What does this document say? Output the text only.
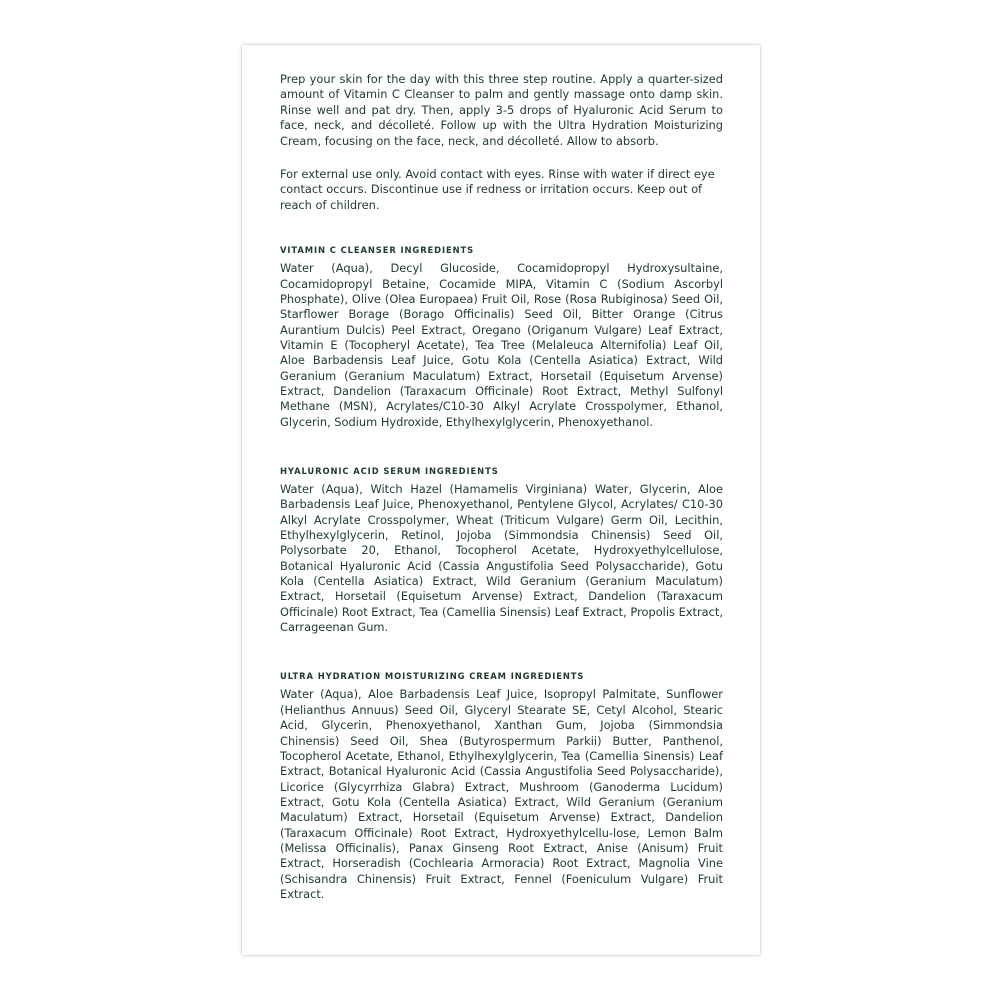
Prep your skin for the day with this three step routine. Apply a quarter-sized amount of Vitamin C Cleanser to palm and gently massage onto damp skin. Rinse well and pat dry. Then, apply 3-5 drops of Hyaluronic Acid Serum to face, neck, and décolleté. Follow up with the Ultra Hydration Moisturizing Cream, focusing on the face, neck, and décolleté. Allow to absorb.

For external use only. Avoid contact with eyes. Rinse with water if direct eye contact occurs. Discontinue use if redness or irritation occurs. Keep out of reach of children.

VITAMIN C CLEANSER INGREDIENTS

Water (Aqua), Decyl Glucoside, Cocamidopropyl Hydroxysultaine, Cocamidopropyl Betaine, Cocamide MIPA, Vitamin C (Sodium Ascorbyl Phosphate), Olive (Olea Europaea) Fruit Oil, Rose (Rosa Rubiginosa) Seed Oil, Starflower Borage (Borago Officinalis) Seed Oil, Bitter Orange (Citrus Aurantium Dulcis) Peel Extract, Oregano (Origanum Vulgare) Leaf Extract, Vitamin E (Tocopheryl Acetate), Tea Tree (Melaleuca Alternifolia) Leaf Oil, Aloe Barbadensis Leaf Juice, Gotu Kola (Centella Asiatica) Extract, Wild Geranium (Geranium Maculatum) Extract, Horsetail (Equisetum Arvense) Extract, Dandelion (Taraxacum Officinale) Root Extract, Methyl Sulfonyl Methane (MSN), Acrylates/C10-30 Alkyl Acrylate Crosspolymer, Ethanol, Glycerin, Sodium Hydroxide, Ethylhexylglycerin, Phenoxyethanol.

HYALURONIC ACID SERUM INGREDIENTS

Water (Aqua), Witch Hazel (Hamamelis Virginiana) Water, Glycerin, Aloe Barbadensis Leaf Juice, Phenoxyethanol, Pentylene Glycol, Acrylates/ C10-30 Alkyl Acrylate Crosspolymer, Wheat (Triticum Vulgare) Germ Oil, Lecithin, Ethylhexylglycerin, Retinol, Jojoba (Simmondsia Chinensis) Seed Oil, Polysorbate 20, Ethanol, Tocopherol Acetate, Hydroxyethylcellulose, Botanical Hyaluronic Acid (Cassia Angustifolia Seed Polysaccharide), Gotu Kola (Centella Asiatica) Extract, Wild Geranium (Geranium Maculatum) Extract, Horsetail (Equisetum Arvense) Extract, Dandelion (Taraxacum Officinale) Root Extract, Tea (Camellia Sinensis) Leaf Extract, Propolis Extract, Carrageenan Gum.

ULTRA HYDRATION MOISTURIZING CREAM INGREDIENTS

Water (Aqua), Aloe Barbadensis Leaf Juice, Isopropyl Palmitate, Sunflower (Helianthus Annuus) Seed Oil, Glyceryl Stearate SE, Cetyl Alcohol, Stearic Acid, Glycerin, Phenoxyethanol, Xanthan Gum, Jojoba (Simmondsia Chinensis) Seed Oil, Shea (Butyrospermum Parkii) Butter, Panthenol, Tocopherol Acetate, Ethanol, Ethylhexylglycerin, Tea (Camellia Sinensis) Leaf Extract, Botanical Hyaluronic Acid (Cassia Angustifolia Seed Polysaccharide), Licorice (Glycyrrhiza Glabra) Extract, Mushroom (Ganoderma Lucidum) Extract, Gotu Kola (Centella Asiatica) Extract, Wild Geranium (Geranium Maculatum) Extract, Horsetail (Equisetum Arvense) Extract, Dandelion (Taraxacum Officinale) Root Extract, Hydroxyethylcellu-lose, Lemon Balm (Melissa Officinalis), Panax Ginseng Root Extract, Anise (Anisum) Fruit Extract, Horseradish (Cochlearia Armoracia) Root Extract, Magnolia Vine (Schisandra Chinensis) Fruit Extract, Fennel (Foeniculum Vulgare) Fruit Extract.
